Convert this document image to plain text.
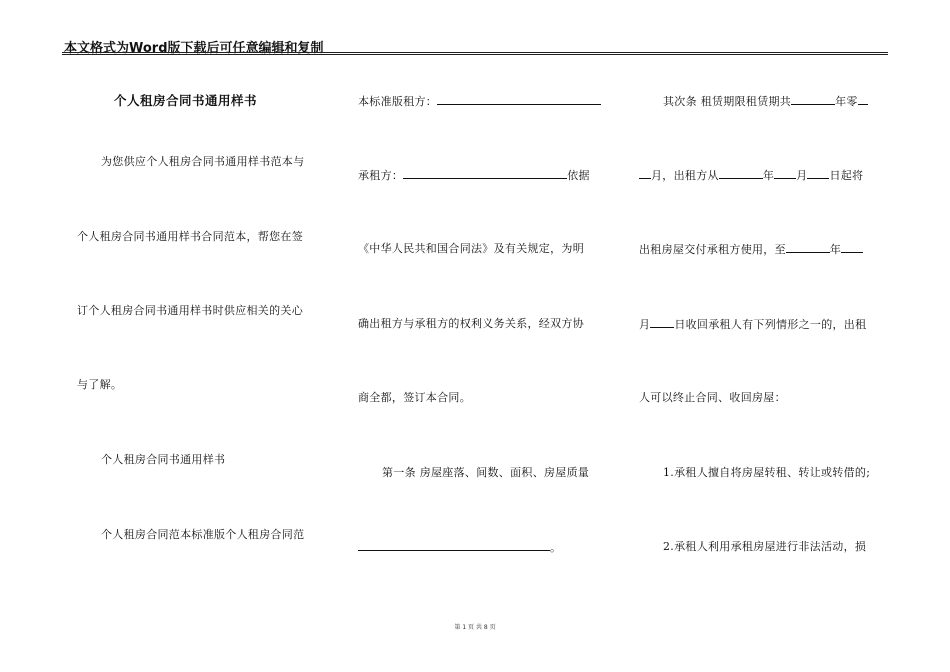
本文格式为Word版下载后可任意编辑和复制
个人租房合同书通用样书
为您供应个人租房合同书通用样书范本与
个人租房合同书通用样书合同范本，帮您在签
订个人租房合同书通用样书时供应相关的关心
与了解。
个人租房合同书通用样书
个人租房合同范本标准版个人租房合同范
本标准版租方：
承租方：	依据
《中华人民共和国合同法》及有关规定，为明
确出租方与承租方的权利义务关系，经双方协
商全都，签订本合同。
第一条 房屋座落、间数、面积、房屋质量
。
其次条 租赁期限租赁期共	年零
月，出租方从	年 月 日起将
出租房屋交付承租方使用，至	年
月 日收回承租人有下列情形之一的，出租
人可以终止合同、收回房屋：
1.承租人擅自将房屋转租、转让或转借的;
2.承租人利用承租房屋进行非法活动，损
第 1 页 共 8 页
